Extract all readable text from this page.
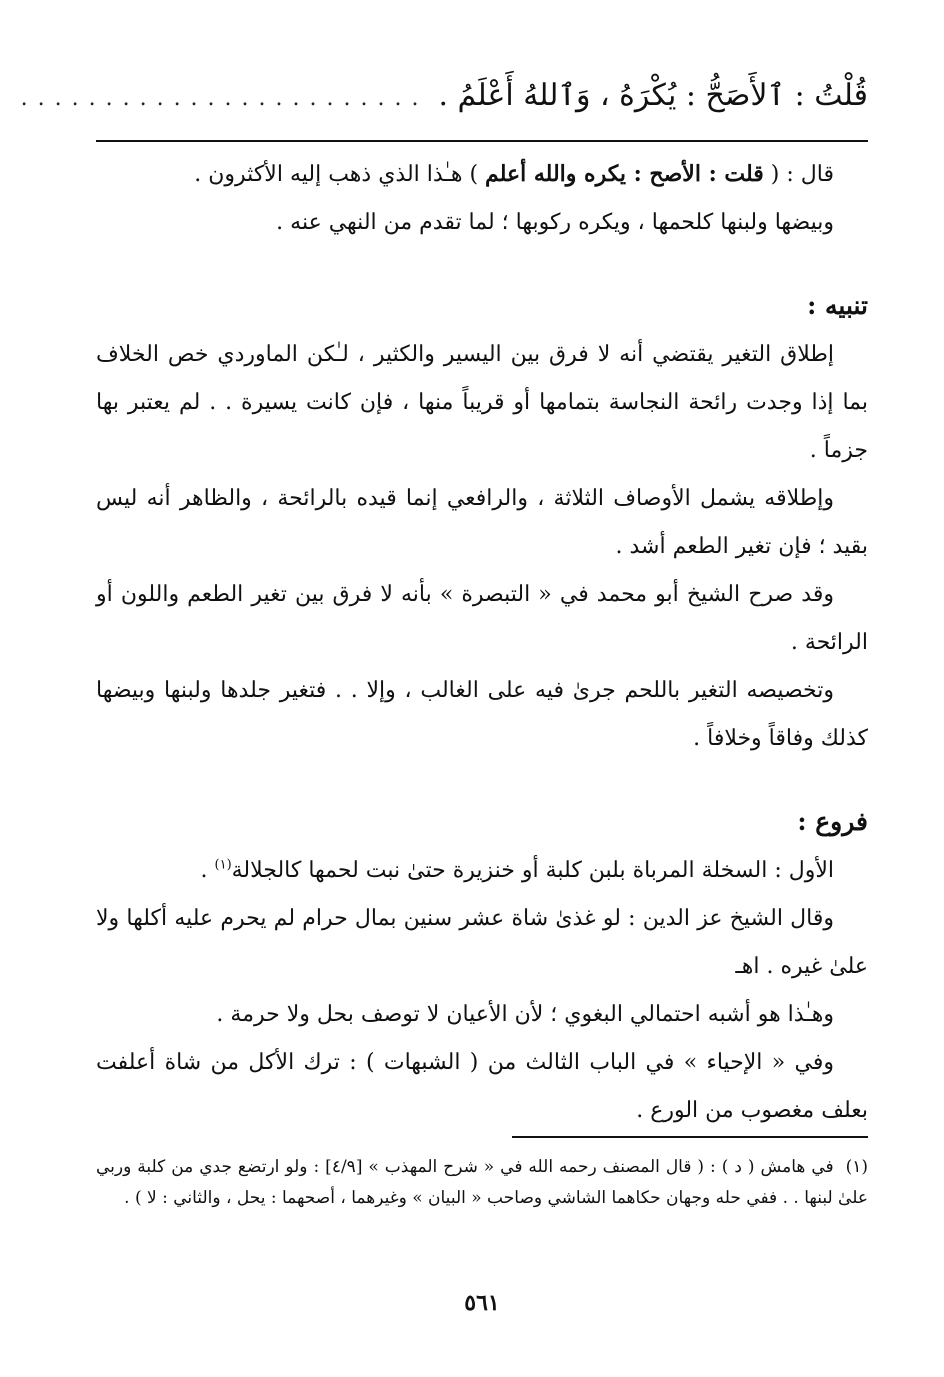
قُلْتُ : ٱلأَصَحُّ : يُكْرَهُ ، وَٱللهُ أَعْلَمُ .
........................

قال : ( قلت : الأصح : يكره والله أعلم ) هـٰذا الذي ذهب إليه الأكثرون .

وبيضها ولبنها كلحمها ، ويكره ركوبها ؛ لما تقدم من النهي عنه .

تنبيه :

إطلاق التغير يقتضي أنه لا فرق بين اليسير والكثير ، لـٰكن الماوردي خص الخلاف بما إذا وجدت رائحة النجاسة بتمامها أو قريباً منها ، فإن كانت يسيرة . . لم يعتبر بها جزماً .

وإطلاقه يشمل الأوصاف الثلاثة ، والرافعي إنما قيده بالرائحة ، والظاهر أنه ليس بقيد ؛ فإن تغير الطعم أشد .

وقد صرح الشيخ أبو محمد في « التبصرة » بأنه لا فرق بين تغير الطعم واللون أو الرائحة .

وتخصيصه التغير باللحم جرىٰ فيه على الغالب ، وإلا . . فتغير جلدها ولبنها وبيضها كذلك وفاقاً وخلافاً .

فروع :

الأول : السخلة المرباة بلبن كلبة أو خنزيرة حتىٰ نبت لحمها كالجلالة$^{(١)}$ .

وقال الشيخ عز الدين : لو غذىٰ شاة عشر سنين بمال حرام لم يحرم عليه أكلها ولا علىٰ غيره . اهـ

وهـٰذا هو أشبه احتمالي البغوي ؛ لأن الأعيان لا توصف بحل ولا حرمة .

وفي « الإحياء » في الباب الثالث من ( الشبهات ) : ترك الأكل من شاة أعلفت بعلف مغصوب من الورع .

(١)  في هامش ( د ) : ( قال المصنف رحمه الله في « شرح المهذب » [٤/٩] : ولو ارتضع جدي من كلبة وربي علىٰ لبنها . . ففي حله وجهان حكاهما الشاشي وصاحب « البيان » وغيرهما ، أصحهما : يحل ، والثاني : لا ) .

٥٦١
